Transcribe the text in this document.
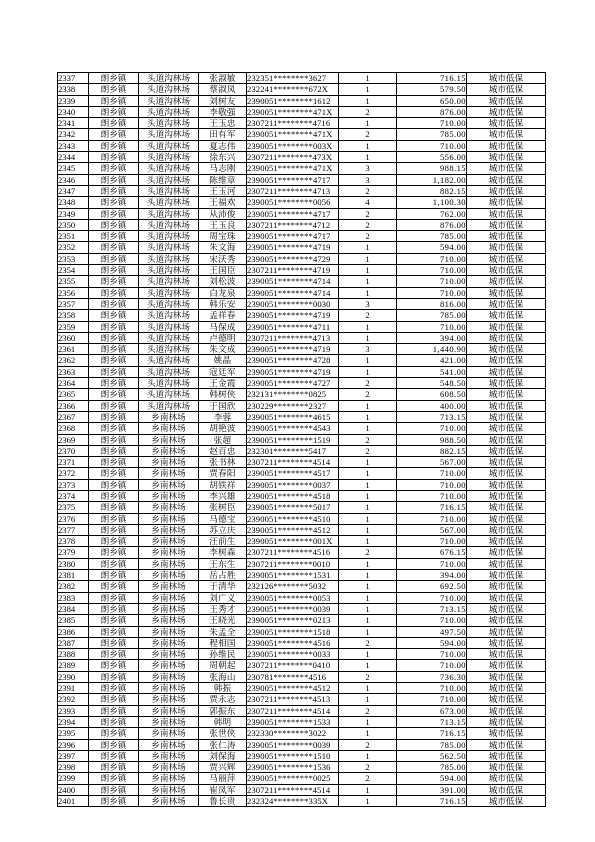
2337	朗乡镇	头道沟林场	张淑敏	232351********3627	1	716.15	城市低保
2338	朗乡镇	头道沟林场	蔡淑凤	232241********672X	1	579.50	城市低保
2339	朗乡镇	头道沟林场	刘树友	2390051********1612	1	650.00	城市低保
2340	朗乡镇	头道沟林场	李敬强	2390051********471X	2	876.00	城市低保
2341	朗乡镇	头道沟林场	王玉忠	2307211********4716	1	710.00	城市低保
2342	朗乡镇	头道沟林场	田有军	2390051********471X	2	785.00	城市低保
2343	朗乡镇	头道沟林场	夏志伟	2390051********003X	1	710.00	城市低保
2344	朗乡镇	头道沟林场	徐东兴	2307211********473X	1	556.00	城市低保
2345	朗乡镇	头道沟林场	马志刚	2390051********471X	3	988.15	城市低保
2346	朗乡镇	头道沟林场	陈维章	2390051********4717	3	1,182.00	城市低保
2347	朗乡镇	头道沟林场	王玉河	2307211********4713	2	882.15	城市低保
2348	朗乡镇	头道沟林场	王福欢	2390051********0056	4	1,100.30	城市低保
2349	朗乡镇	头道沟林场	从沛俊	2390051********4717	2	762.00	城市低保
2350	朗乡镇	头道沟林场	王玉良	2307211********4712	2	876.00	城市低保
2351	朗乡镇	头道沟林场	周宝珠	2390051********4717	2	785.00	城市低保
2352	朗乡镇	头道沟林场	朱文海	2390051********4719	1	594.00	城市低保
2353	朗乡镇	头道沟林场	宋沃秀	2390051********4729	1	710.00	城市低保
2354	朗乡镇	头道沟林场	王国臣	2307211********4719	1	710.00	城市低保
2355	朗乡镇	头道沟林场	刘松波	2390051********4714	1	710.00	城市低保
2356	朗乡镇	头道沟林场	白龙泉	2390051********4714	1	710.00	城市低保
2357	朗乡镇	头道沟林场	韩乐安	2390051********0030	3	816.00	城市低保
2358	朗乡镇	头道沟林场	孟祥春	2390051********4719	2	785.00	城市低保
2359	朗乡镇	头道沟林场	马保成	2390051********4711	1	710.00	城市低保
2360	朗乡镇	头道沟林场	卢德明	2307211********4713	1	394.00	城市低保
2361	朗乡镇	头道沟林场	朱文成	2390051********4719	3	1,440.90	城市低保
2362	朗乡镇	头道沟林场	姚晶	2390051********4728	1	421.00	城市低保
2363	朗乡镇	头道沟林场	寇廷军	2390051********4719	1	541.00	城市低保
2364	朗乡镇	头道沟林场	王金霞	2390051********4727	2	548.50	城市低保
2365	朗乡镇	头道沟林场	韩树侠	232131********0825	2	608.50	城市低保
2366	朗乡镇	头道沟林场	于国欣	230229********2327	1	400.00	城市低保
2367	朗乡镇	乡南林场	李蓉	2390051********4615	1	713.15	城市低保
2368	朗乡镇	乡南林场	胡艳波	2390051********4543	1	710.00	城市低保
2369	朗乡镇	乡南林场	张超	2390051********1519	2	988.50	城市低保
2370	朗乡镇	乡南林场	赵百忠	232301********5417	2	882.15	城市低保
2371	朗乡镇	乡南林场	张书林	2307211********4514	1	567.00	城市低保
2372	朗乡镇	乡南林场	贾春阳	2390051********4517	1	710.00	城市低保
2373	朗乡镇	乡南林场	胡铁祥	2390051********0037	1	710.00	城市低保
2374	朗乡镇	乡南林场	李兴雄	2390051********4518	1	710.00	城市低保
2375	朗乡镇	乡南林场	张树臣	2390051********5017	1	716.15	城市低保
2376	朗乡镇	乡南林场	马德宝	2390051********4510	1	710.00	城市低保
2377	朗乡镇	乡南林场	苏立庆	2390051********4512	1	567.00	城市低保
2378	朗乡镇	乡南林场	汪前生	2390051********001X	1	710.00	城市低保
2379	朗乡镇	乡南林场	李树森	2307211********4516	2	676.15	城市低保
2380	朗乡镇	乡南林场	王东生	2307211********0010	1	710.00	城市低保
2381	朗乡镇	乡南林场	岳占胜	2390051********1531	1	394.00	城市低保
2382	朗乡镇	乡南林场	于清华	232126********5032	1	692.50	城市低保
2383	朗乡镇	乡南林场	刘广义	2390051********0053	1	710.00	城市低保
2384	朗乡镇	乡南林场	王秀才	2390051********0039	1	713.15	城市低保
2385	朗乡镇	乡南林场	王晓光	2390051********0213	1	710.00	城市低保
2386	朗乡镇	乡南林场	朱孟全	2390051********1518	1	497.50	城市低保
2387	朗乡镇	乡南林场	程相国	2390051********4516	2	594.00	城市低保
2388	朗乡镇	乡南林场	孙维民	2390051********0033	1	710.00	城市低保
2389	朗乡镇	乡南林场	周朝起	2307211********0410	1	710.00	城市低保
2390	朗乡镇	乡南林场	张海山	230781********4516	2	736.30	城市低保
2391	朗乡镇	乡南林场	韩振	2390051********4512	1	710.00	城市低保
2392	朗乡镇	乡南林场	贾永志	2307211********4513	1	710.00	城市低保
2393	朗乡镇	乡南林场	郭振东	2307211********4514	2	673.00	城市低保
2394	朗乡镇	乡南林场	韩明	2390051********1533	1	713.15	城市低保
2395	朗乡镇	乡南林场	张世侠	232330********3022	1	716.15	城市低保
2396	朗乡镇	乡南林场	张仁涛	2390051********0039	2	785.00	城市低保
2397	朗乡镇	乡南林场	刘保海	2390051********1510	1	562.50	城市低保
2398	朗乡镇	乡南林场	贾兴辉	2390051********1536	2	785.00	城市低保
2399	朗乡镇	乡南林场	马丽萍	2390051********0025	2	594.00	城市低保
2400	朗乡镇	乡南林场	崔凤军	2307211********4514	1	391.00	城市低保
2401	朗乡镇	乡南林场	鲁长贵	232324********335X	1	716.15	城市低保
